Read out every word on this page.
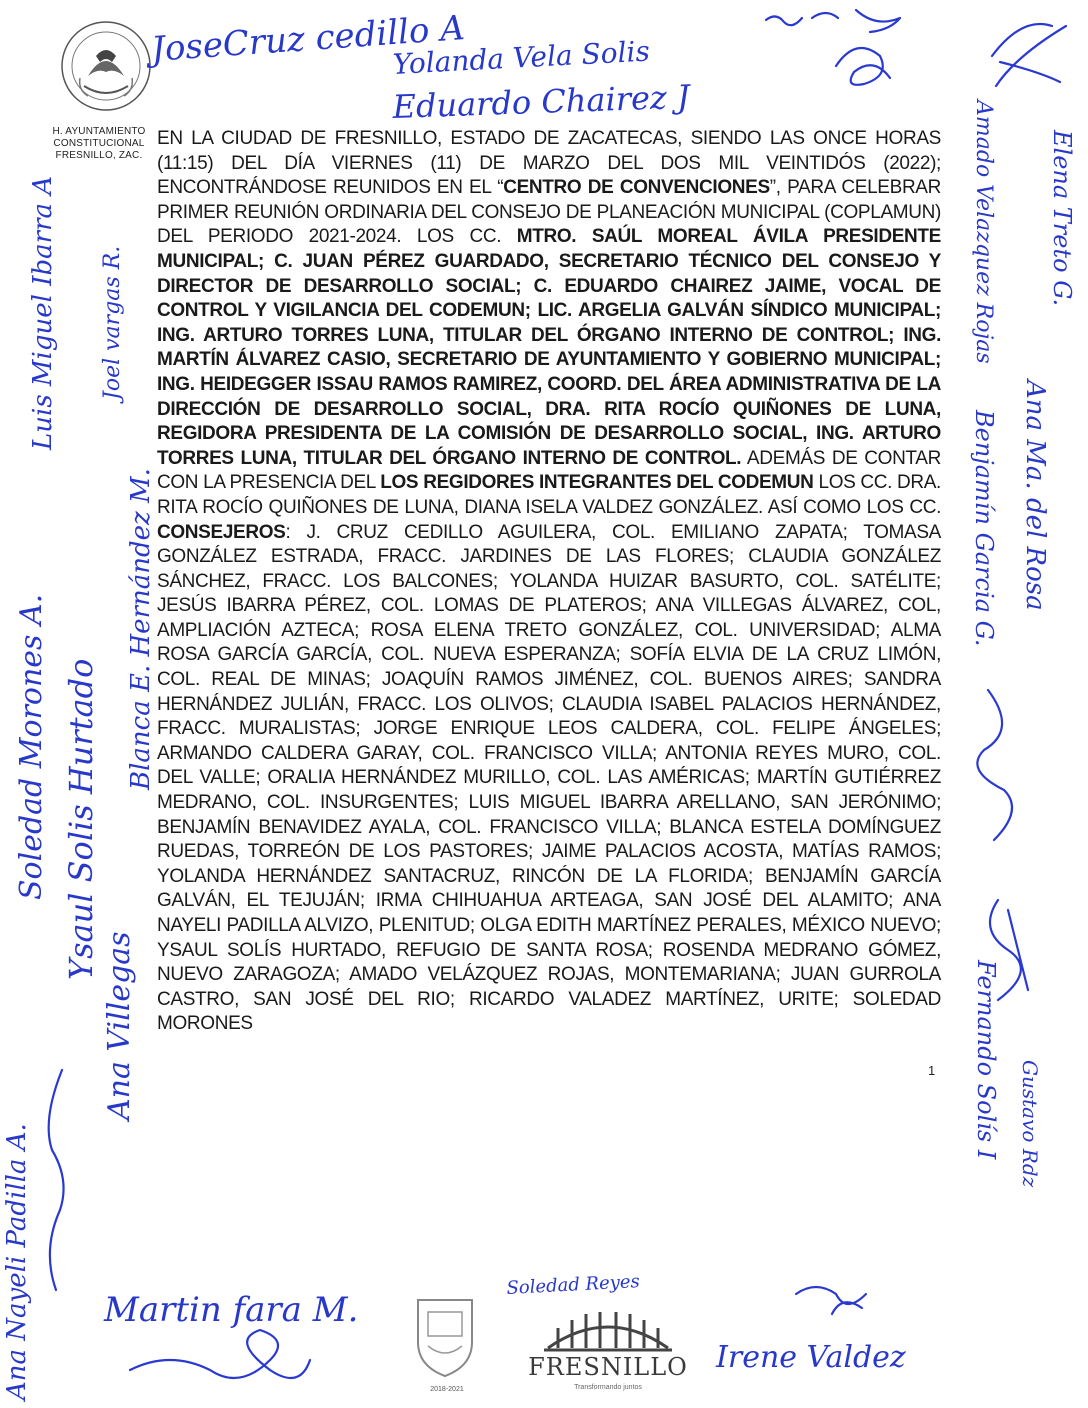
H. AYUNTAMIENTO
CONSTITUCIONAL
FRESNILLO, ZAC.
EN LA CIUDAD DE FRESNILLO, ESTADO DE ZACATECAS, SIENDO LAS ONCE HORAS (11:15) DEL DÍA VIERNES (11) DE MARZO DEL DOS MIL VEINTIDÓS (2022); ENCONTRÁNDOSE REUNIDOS EN EL “CENTRO DE CONVENCIONES”, PARA CELEBRAR PRIMER REUNIÓN ORDINARIA DEL CONSEJO DE PLANEACIÓN MUNICIPAL (COPLAMUN) DEL PERIODO 2021-2024. LOS CC. MTRO. SAÚL MOREAL ÁVILA PRESIDENTE MUNICIPAL; C. JUAN PÉREZ GUARDADO, SECRETARIO TÉCNICO DEL CONSEJO Y DIRECTOR DE DESARROLLO SOCIAL; C. EDUARDO CHAIREZ JAIME, VOCAL DE CONTROL Y VIGILANCIA DEL CODEMUN; LIC. ARGELIA GALVÁN SÍNDICO MUNICIPAL; ING. ARTURO TORRES LUNA, TITULAR DEL ÓRGANO INTERNO DE CONTROL; ING. MARTÍN ÁLVAREZ CASIO, SECRETARIO DE AYUNTAMIENTO Y GOBIERNO MUNICIPAL; ING. HEIDEGGER ISSAU RAMOS RAMIREZ, COORD. DEL ÁREA ADMINISTRATIVA DE LA DIRECCIÓN DE DESARROLLO SOCIAL, DRA. RITA ROCÍO QUIÑONES DE LUNA, REGIDORA PRESIDENTA DE LA COMISIÓN DE DESARROLLO SOCIAL, ING. ARTURO TORRES LUNA, TITULAR DEL ÓRGANO INTERNO DE CONTROL. ADEMÁS DE CONTAR CON LA PRESENCIA DEL LOS REGIDORES INTEGRANTES DEL CODEMUN LOS CC. DRA. RITA ROCÍO QUIÑONES DE LUNA, DIANA ISELA VALDEZ GONZÁLEZ. ASÍ COMO LOS CC. CONSEJEROS: J. CRUZ CEDILLO AGUILERA, COL. EMILIANO ZAPATA; TOMASA GONZÁLEZ ESTRADA, FRACC. JARDINES DE LAS FLORES; CLAUDIA GONZÁLEZ SÁNCHEZ, FRACC. LOS BALCONES; YOLANDA HUIZAR BASURTO, COL. SATÉLITE; JESÚS IBARRA PÉREZ, COL. LOMAS DE PLATEROS; ANA VILLEGAS ÁLVAREZ, COL, AMPLIACIÓN AZTECA; ROSA ELENA TRETO GONZÁLEZ, COL. UNIVERSIDAD; ALMA ROSA GARCÍA GARCÍA, COL. NUEVA ESPERANZA; SOFÍA ELVIA DE LA CRUZ LIMÓN, COL. REAL DE MINAS; JOAQUÍN RAMOS JIMÉNEZ, COL. BUENOS AIRES; SANDRA HERNÁNDEZ JULIÁN, FRACC. LOS OLIVOS; CLAUDIA ISABEL PALACIOS HERNÁNDEZ, FRACC. MURALISTAS; JORGE ENRIQUE LEOS CALDERA, COL. FELIPE ÁNGELES; ARMANDO CALDERA GARAY, COL. FRANCISCO VILLA; ANTONIA REYES MURO, COL. DEL VALLE; ORALIA HERNÁNDEZ MURILLO, COL. LAS AMÉRICAS; MARTÍN GUTIÉRREZ MEDRANO, COL. INSURGENTES; LUIS MIGUEL IBARRA ARELLANO, SAN JERÓNIMO; BENJAMÍN BENAVIDEZ AYALA, COL. FRANCISCO VILLA; BLANCA ESTELA DOMÍNGUEZ RUEDAS, TORREÓN DE LOS PASTORES; JAIME PALACIOS ACOSTA, MATÍAS RAMOS; YOLANDA HERNÁNDEZ SANTACRUZ, RINCÓN DE LA FLORIDA; BENJAMÍN GARCÍA GALVÁN, EL TEJUJÁN; IRMA CHIHUAHUA ARTEAGA, SAN JOSÉ DEL ALAMITO; ANA NAYELI PADILLA ALVIZO, PLENITUD; OLGA EDITH MARTÍNEZ PERALES, MÉXICO NUEVO; YSAUL SOLÍS HURTADO, REFUGIO DE SANTA ROSA; ROSENDA MEDRANO GÓMEZ, NUEVO ZARAGOZA; AMADO VELÁZQUEZ ROJAS, MONTEMARIANA; JUAN GURROLA CASTRO, SAN JOSÉ DEL RIO; RICARDO VALADEZ MARTÍNEZ, URITE; SOLEDAD MORONES
JoseCruz cedillo A
Yolanda Vela Solis
Eduardo Chairez J
Soledad Morones A.
Luis Miguel Ibarra A
Ysaul Solis Hurtado
Joel vargas R.
Blanca E. Hernández M.
Ana Nayeli Padilla A.
Ana Villegas
Amado Velazquez Rojas Elena Treto G.
Benjamín Garcia G. Ana Ma. del Rosa
Fernando Solís I Gustavo Rdz
Martin fara M.
Soledad Reyes
Irene Valdez
2018-2021
FRESNILLO
Transformando juntos
1
